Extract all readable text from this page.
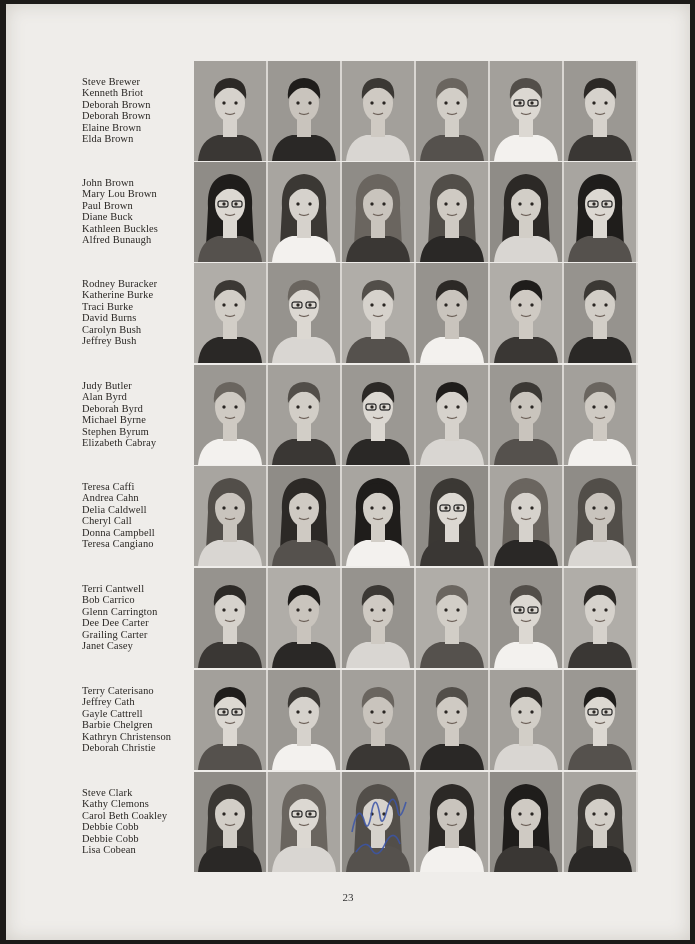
Steve Brewer
Kenneth Briot
Deborah Brown
Deborah Brown
Elaine Brown
Elda Brown
John Brown
Mary Lou Brown
Paul Brown
Diane Buck
Kathleen Buckles
Alfred Bunaugh
Rodney Buracker
Katherine Burke
Traci Burke
David Burns
Carolyn Bush
Jeffrey Bush
Judy Butler
Alan Byrd
Deborah Byrd
Michael Byrne
Stephen Byrum
Elizabeth Cabray
Teresa Caffi
Andrea Cahn
Delia Caldwell
Cheryl Call
Donna Campbell
Teresa Cangiano
Terri Cantwell
Bob Carrico
Glenn Carrington
Dee Dee Carter
Grailing Carter
Janet Casey
Terry Caterisano
Jeffrey Cath
Gayle Cattrell
Barbie Chelgren
Kathryn Christenson
Deborah Christie
Steve Clark
Kathy Clemons
Carol Beth Coakley
Debbie Cobb
Debbie Cobb
Lisa Cobean
23
